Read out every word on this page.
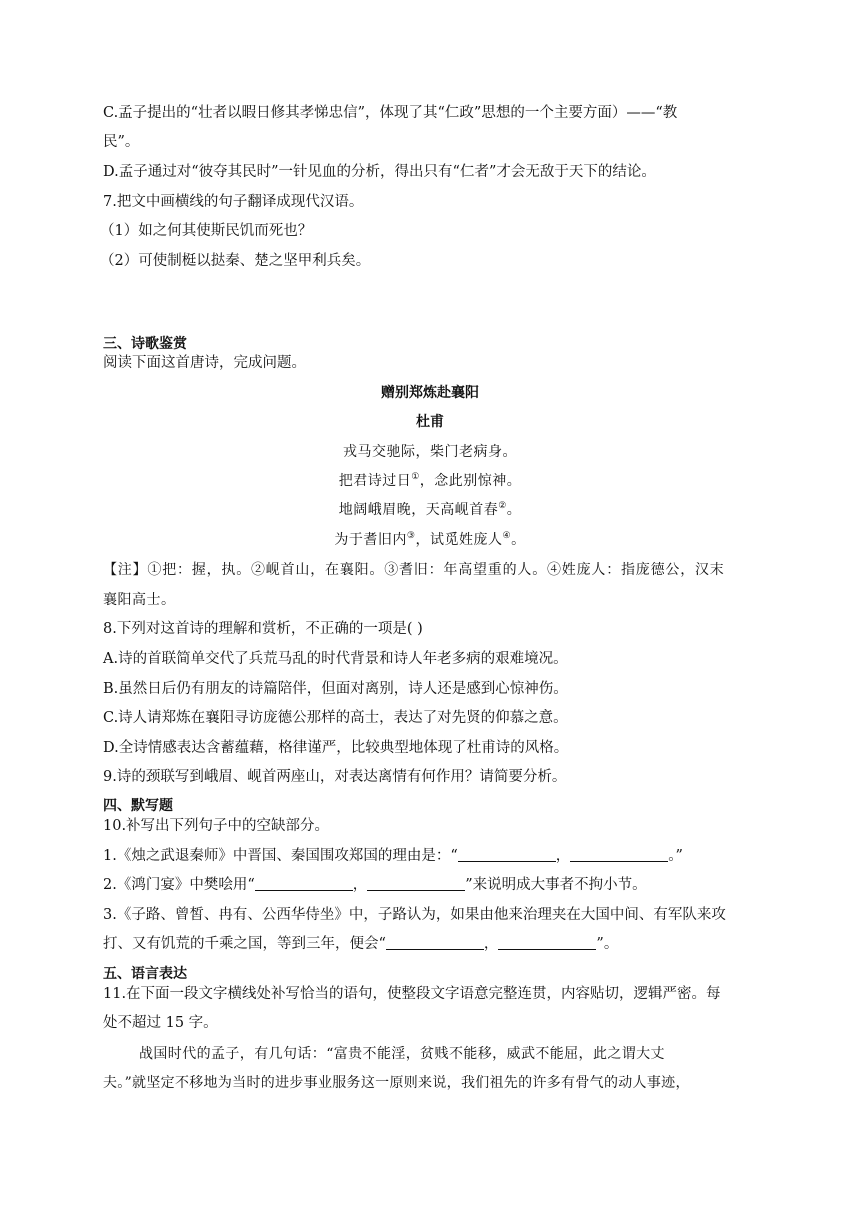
C.孟子提出的“壮者以暇日修其孝悌忠信”，体现了其“仁政”思想的一个主要方面）——“教
民”。
D.孟子通过对“彼夺其民时”一针见血的分析，得出只有“仁者”才会无敌于天下的结论。
7.把文中画横线的句子翻译成现代汉语。
（1）如之何其使斯民饥而死也？
（2）可使制梃以挞秦、楚之坚甲利兵矣。
三、诗歌鉴赏
阅读下面这首唐诗，完成问题。
赠别郑炼赴襄阳
杜甫
戎马交驰际，柴门老病身。
把君诗过日①，念此别惊神。
地阔峨眉晚，天高岘首春②。
为于耆旧内③，试觅姓庞人④。
【注】①把：握，执。②岘首山，在襄阳。③耆旧：年高望重的人。④姓庞人：指庞德公，汉末
襄阳高士。
8.下列对这首诗的理解和赏析，不正确的一项是( )
A.诗的首联简单交代了兵荒马乱的时代背景和诗人年老多病的艰难境况。
B.虽然日后仍有朋友的诗篇陪伴，但面对离别，诗人还是感到心惊神伤。
C.诗人请郑炼在襄阳寻访庞德公那样的高士，表达了对先贤的仰慕之意。
D.全诗情感表达含蓄蕴藉，格律谨严，比较典型地体现了杜甫诗的风格。
9.诗的颈联写到峨眉、岘首两座山，对表达离情有何作用？请简要分析。
四、默写题
10.补写出下列句子中的空缺部分。
1.《烛之武退秦师》中晋国、秦国围攻郑国的理由是：“	，	。”
2.《鸿门宴》中樊哙用“	，	”来说明成大事者不拘小节。
3.《子路、曾皙、冉有、公西华侍坐》中，子路认为，如果由他来治理夹在大国中间、有军队来攻
打、又有饥荒的千乘之国，等到三年，便会“	，	”。
五、语言表达
11.在下面一段文字横线处补写恰当的语句，使整段文字语意完整连贯，内容贴切，逻辑严密。每
处不超过 15 字。
战国时代的孟子，有几句话：“富贵不能淫，贫贱不能移，威武不能屈，此之谓大丈
夫。”就坚定不移地为当时的进步事业服务这一原则来说，我们祖先的许多有骨气的动人事迹，
